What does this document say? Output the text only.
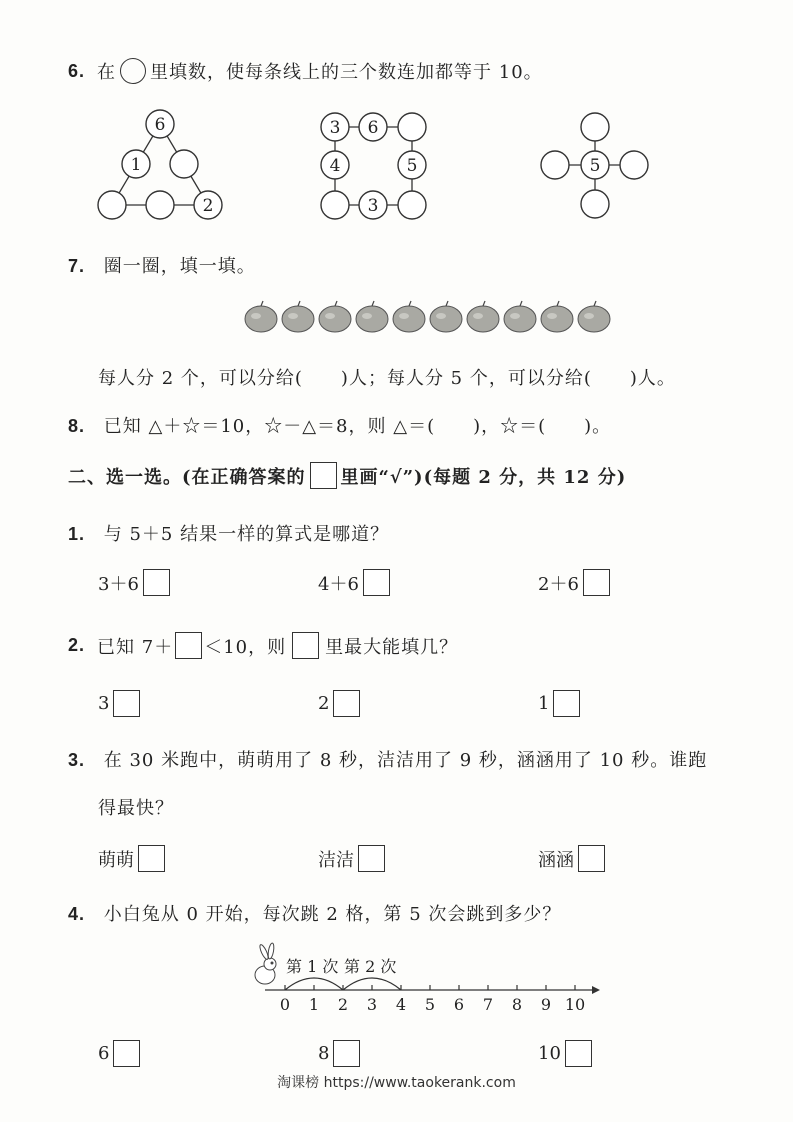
6. 在 里填数，使每条线上的三个数连加都等于 10。
6
1
2
3 6
4	5
3
5
7. 圈一圈，填一填。
每人分 2 个，可以分给(　　)人；每人分 5 个，可以分给(　　)人。
8. 已知 △＋☆＝10，☆－△＝8，则 △＝(　　)，☆＝(　　)。
二、选一选。(在正确答案的 里画“√”)(每题 2 分，共 12 分)
1. 与 5＋5 结果一样的算式是哪道？
3＋6	4＋6	2＋6
2. 已知 7＋ ＜10，则 里最大能填几？
3	2	1
3. 在 30 米跑中，萌萌用了 8 秒，洁洁用了 9 秒，涵涵用了 10 秒。谁跑
得最快？
萌萌	洁洁	涵涵
4. 小白兔从 0 开始，每次跳 2 格，第 5 次会跳到多少？
第 1 次 第 2 次
0 1 2 3 4 5 6 7 8 9 10
6	8	10
淘课榜 https://www.taokerank.com
